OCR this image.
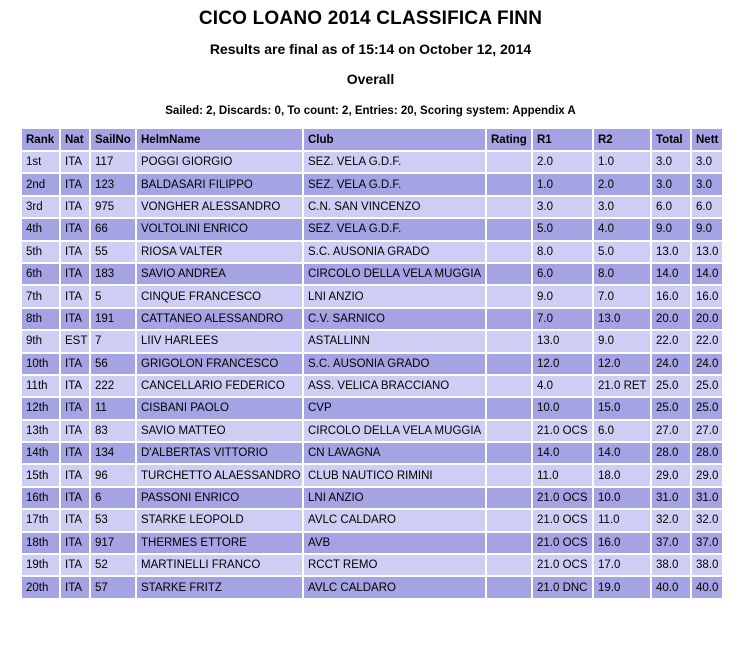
CICO LOANO 2014 CLASSIFICA FINN
Results are final as of 15:14 on October 12, 2014
Overall
Sailed: 2, Discards: 0, To count: 2, Entries: 20, Scoring system: Appendix A
Rank	Nat	SailNo	HelmName	Club	Rating	R1	R2	Total	Nett
1st	ITA	117	POGGI GIORGIO	SEZ. VELA G.D.F.		2.0	1.0	3.0	3.0
2nd	ITA	123	BALDASARI FILIPPO	SEZ. VELA G.D.F.		1.0	2.0	3.0	3.0
3rd	ITA	975	VONGHER ALESSANDRO	C.N. SAN VINCENZO		3.0	3.0	6.0	6.0
4th	ITA	66	VOLTOLINI ENRICO	SEZ. VELA G.D.F.		5.0	4.0	9.0	9.0
5th	ITA	55	RIOSA VALTER	S.C. AUSONIA GRADO		8.0	5.0	13.0	13.0
6th	ITA	183	SAVIO ANDREA	CIRCOLO DELLA VELA MUGGIA		6.0	8.0	14.0	14.0
7th	ITA	5	CINQUE FRANCESCO	LNI ANZIO		9.0	7.0	16.0	16.0
8th	ITA	191	CATTANEO ALESSANDRO	C.V. SARNICO		7.0	13.0	20.0	20.0
9th	EST	7	LIIV HARLEES	ASTALLINN		13.0	9.0	22.0	22.0
10th	ITA	56	GRIGOLON FRANCESCO	S.C. AUSONIA GRADO		12.0	12.0	24.0	24.0
11th	ITA	222	CANCELLARIO FEDERICO	ASS. VELICA BRACCIANO		4.0	21.0 RET	25.0	25.0
12th	ITA	11	CISBANI PAOLO	CVP		10.0	15.0	25.0	25.0
13th	ITA	83	SAVIO MATTEO	CIRCOLO DELLA VELA MUGGIA		21.0 OCS	6.0	27.0	27.0
14th	ITA	134	D'ALBERTAS VITTORIO	CN LAVAGNA		14.0	14.0	28.0	28.0
15th	ITA	96	TURCHETTO ALAESSANDRO	CLUB NAUTICO RIMINI		11.0	18.0	29.0	29.0
16th	ITA	6	PASSONI ENRICO	LNI ANZIO		21.0 OCS	10.0	31.0	31.0
17th	ITA	53	STARKE LEOPOLD	AVLC CALDARO		21.0 OCS	11.0	32.0	32.0
18th	ITA	917	THERMES ETTORE	AVB		21.0 OCS	16.0	37.0	37.0
19th	ITA	52	MARTINELLI FRANCO	RCCT REMO		21.0 OCS	17.0	38.0	38.0
20th	ITA	57	STARKE FRITZ	AVLC CALDARO		21.0 DNC	19.0	40.0	40.0
